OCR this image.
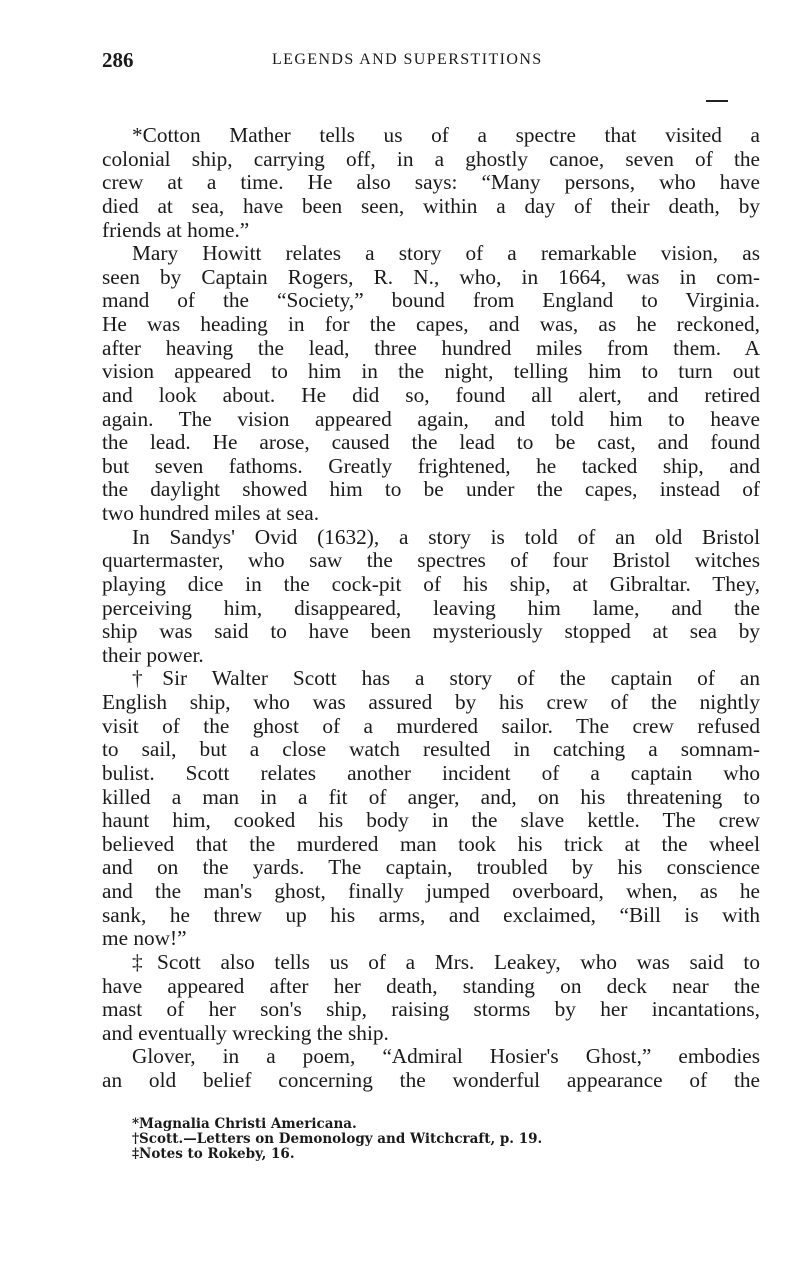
286	LEGENDS AND SUPERSTITIONS
*Cotton Mather tells us of a spectre that visited a
colonial ship, carrying off, in a ghostly canoe, seven of the
crew at a time. He also says: “Many persons, who have
died at sea, have been seen, within a day of their death, by
friends at home.”
Mary Howitt relates a story of a remarkable vision, as
seen by Captain Rogers, R. N., who, in 1664, was in com-
mand of the “Society,” bound from England to Virginia.
He was heading in for the capes, and was, as he reckoned,
after heaving the lead, three hundred miles from them. A
vision appeared to him in the night, telling him to turn out
and look about. He did so, found all alert, and retired
again. The vision appeared again, and told him to heave
the lead. He arose, caused the lead to be cast, and found
but seven fathoms. Greatly frightened, he tacked ship, and
the daylight showed him to be under the capes, instead of
two hundred miles at sea.
In Sandys' Ovid (1632), a story is told of an old Bristol
quartermaster, who saw the spectres of four Bristol witches
playing dice in the cock-pit of his ship, at Gibraltar. They,
perceiving him, disappeared, leaving him lame, and the
ship was said to have been mysteriously stopped at sea by
their power.
†Sir Walter Scott has a story of the captain of an
English ship, who was assured by his crew of the nightly
visit of the ghost of a murdered sailor. The crew refused
to sail, but a close watch resulted in catching a somnam-
bulist. Scott relates another incident of a captain who
killed a man in a fit of anger, and, on his threatening to
haunt him, cooked his body in the slave kettle. The crew
believed that the murdered man took his trick at the wheel
and on the yards. The captain, troubled by his conscience
and the man's ghost, finally jumped overboard, when, as he
sank, he threw up his arms, and exclaimed, “Bill is with
me now!”
‡Scott also tells us of a Mrs. Leakey, who was said to
have appeared after her death, standing on deck near the
mast of her son's ship, raising storms by her incantations,
and eventually wrecking the ship.
Glover, in a poem, “Admiral Hosier's Ghost,” embodies
an old belief concerning the wonderful appearance of the
*Magnalia Christi Americana.
†Scott.—Letters on Demonology and Witchcraft, p. 19.
‡Notes to Rokeby, 16.
